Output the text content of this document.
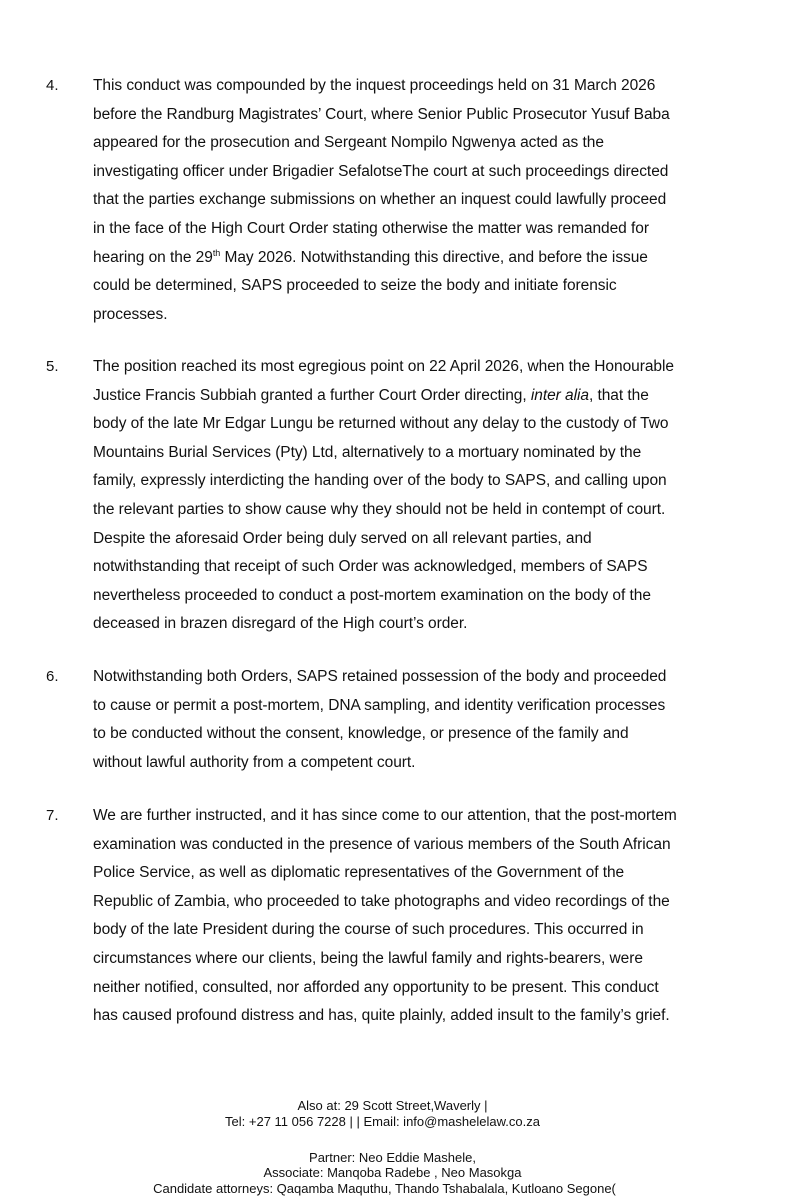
4. This conduct was compounded by the inquest proceedings held on 31 March 2026
before the Randburg Magistrates’ Court, where Senior Public Prosecutor Yusuf Baba
appeared for the prosecution and Sergeant Nompilo Ngwenya acted as the
investigating officer under Brigadier SefalotseThe court at such proceedings directed
that the parties exchange submissions on whether an inquest could lawfully proceed
in the face of the High Court Order stating otherwise the matter was remanded for
hearing on the 29th May 2026. Notwithstanding this directive, and before the issue
could be determined, SAPS proceeded to seize the body and initiate forensic
processes.
5. The position reached its most egregious point on 22 April 2026, when the Honourable
Justice Francis Subbiah granted a further Court Order directing, inter alia, that the
body of the late Mr Edgar Lungu be returned without any delay to the custody of Two
Mountains Burial Services (Pty) Ltd, alternatively to a mortuary nominated by the
family, expressly interdicting the handing over of the body to SAPS, and calling upon
the relevant parties to show cause why they should not be held in contempt of court.
Despite the aforesaid Order being duly served on all relevant parties, and
notwithstanding that receipt of such Order was acknowledged, members of SAPS
nevertheless proceeded to conduct a post-mortem examination on the body of the
deceased in brazen disregard of the High court’s order.
6. Notwithstanding both Orders, SAPS retained possession of the body and proceeded
to cause or permit a post-mortem, DNA sampling, and identity verification processes
to be conducted without the consent, knowledge, or presence of the family and
without lawful authority from a competent court.
7. We are further instructed, and it has since come to our attention, that the post-mortem
examination was conducted in the presence of various members of the South African
Police Service, as well as diplomatic representatives of the Government of the
Republic of Zambia, who proceeded to take photographs and video recordings of the
body of the late President during the course of such procedures. This occurred in
circumstances where our clients, being the lawful family and rights-bearers, were
neither notified, consulted, nor afforded any opportunity to be present. This conduct
has caused profound distress and has, quite plainly, added insult to the family’s grief.
Also at: 29 Scott Street,Waverly |
Tel: +27 11 056 7228 | | Email: info@mashelelaw.co.za
Partner: Neo Eddie Mashele,
Associate: Manqoba Radebe , Neo Masokga
Candidate attorneys: Qaqamba Maquthu, Thando Tshabalala, Kutloano Segone(
